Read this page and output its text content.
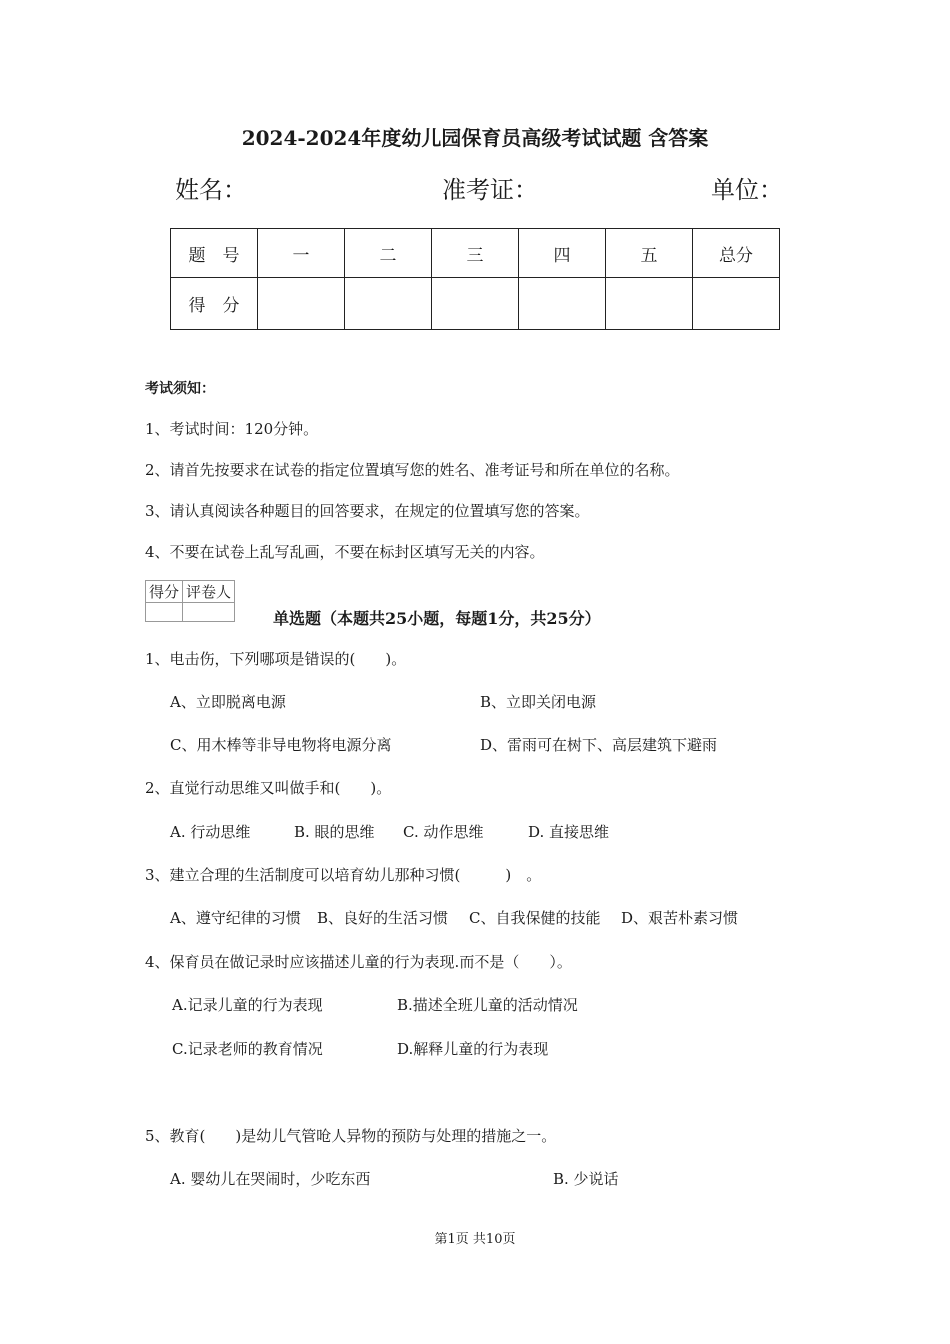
2024-2024年度幼儿园保育员高级考试试题 含答案
姓名：	准考证：	单位：
题　号	一	二	三	四	五	总分
得　分						
考试须知：
1、考试时间：120分钟。
2、请首先按要求在试卷的指定位置填写您的姓名、准考证号和所在单位的名称。
3、请认真阅读各种题目的回答要求，在规定的位置填写您的答案。
4、不要在试卷上乱写乱画，不要在标封区填写无关的内容。
得分	评卷人

单选题（本题共25小题，每题1分，共25分）
1、电击伤，下列哪项是错误的(　　)。
A、立即脱离电源	B、立即关闭电源
C、用木棒等非导电物将电源分离	D、雷雨可在树下、高层建筑下避雨
2、直觉行动思维又叫做手和(　　)。
A. 行动思维	B. 眼的思维 C. 动作思维	D. 直接思维
3、建立合理的生活制度可以培育幼儿那种习惯(　　　)　。
A、遵守纪律的习惯 B、良好的生活习惯 C、自我保健的技能 D、艰苦朴素习惯
4、保育员在做记录时应该描述儿童的行为表现.而不是（　　）。
A.记录儿童的行为表现	B.描述全班儿童的活动情况
C.记录老师的教育情况	D.解释儿童的行为表现
5、教育(　　)是幼儿气管呛人异物的预防与处理的措施之一。
A. 婴幼儿在哭闹时，少吃东西	B. 少说话
第1页 共10页
